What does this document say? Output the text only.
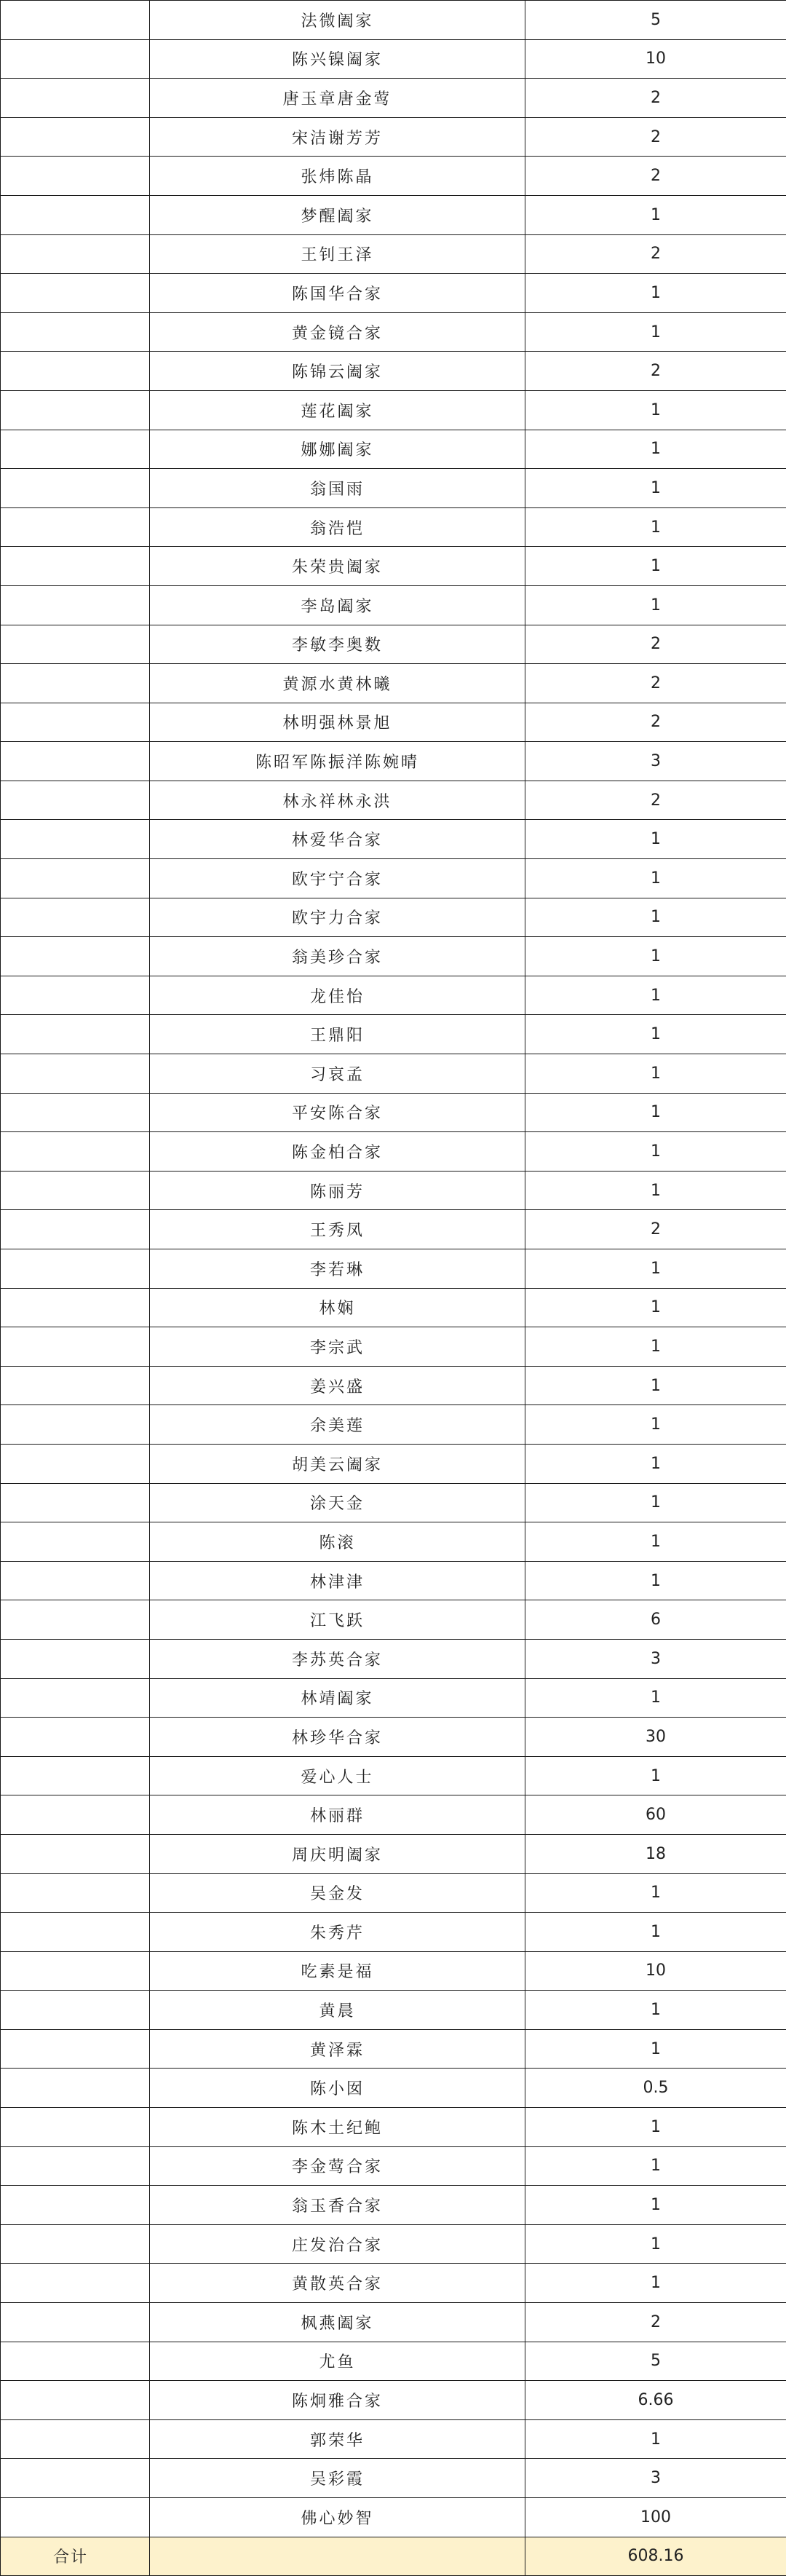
	法微阖家	5
	陈兴镍阖家	10
	唐玉章唐金莺	2
	宋洁谢芳芳	2
	张炜陈晶	2
	梦醒阖家	1
	王钊王泽	2
	陈国华合家	1
	黄金镜合家	1
	陈锦云阖家	2
	莲花阖家	1
	娜娜阖家	1
	翁国雨	1
	翁浩恺	1
	朱荣贵阖家	1
	李岛阖家	1
	李敏李奥数	2
	黄源水黄林曦	2
	林明强林景旭	2
	陈昭军陈振洋陈婉晴	3
	林永祥林永洪	2
	林爱华合家	1
	欧宇宁合家	1
	欧宇力合家	1
	翁美珍合家	1
	龙佳怡	1
	王鼎阳	1
	习哀孟	1
	平安陈合家	1
	陈金柏合家	1
	陈丽芳	1
	王秀凤	2
	李若琳	1
	林娴	1
	李宗武	1
	姜兴盛	1
	余美莲	1
	胡美云阖家	1
	涂天金	1
	陈滚	1
	林津津	1
	江飞跃	6
	李苏英合家	3
	林靖阖家	1
	林珍华合家	30
	爱心人士	1
	林丽群	60
	周庆明阖家	18
	吴金发	1
	朱秀芹	1
	吃素是福	10
	黄晨	1
	黄泽霖	1
	陈小囡	0.5
	陈木土纪鲍	1
	李金莺合家	1
	翁玉香合家	1
	庄发治合家	1
	黄散英合家	1
	枫燕阖家	2
	尤鱼	5
	陈炯雅合家	6.66
	郭荣华	1
	吴彩霞	3
	佛心妙智	100
合计		608.16
